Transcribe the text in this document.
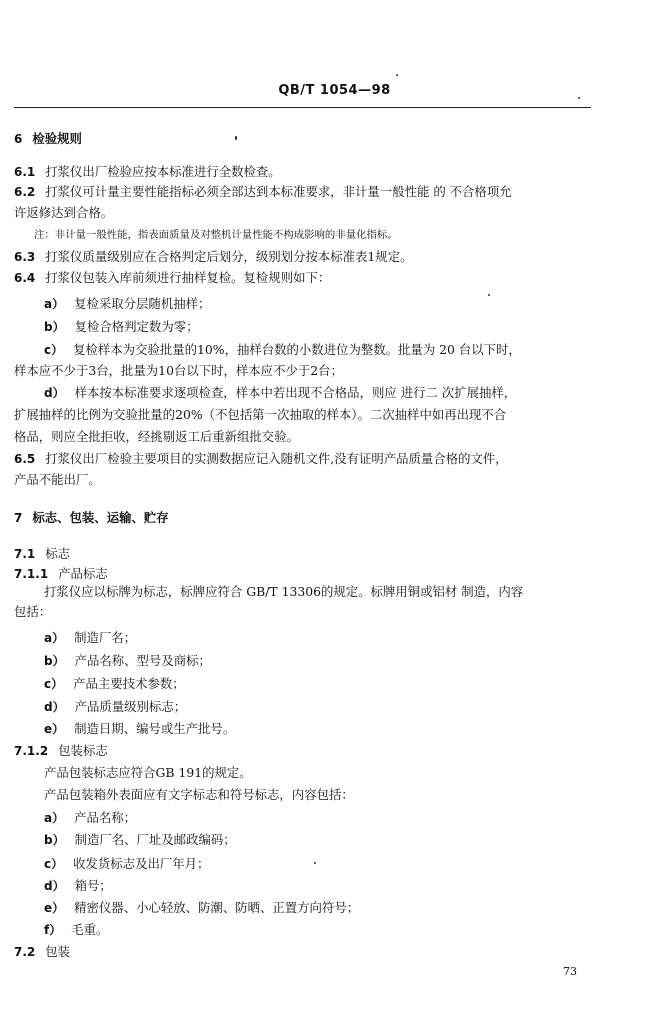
QB/T 1054—98
6 检验规则
6.1 打浆仪出厂检验应按本标准进行全数检查。
6.2 打浆仪可计量主要性能指标必须全部达到本标准要求，非计量一般性能 的 不合格项允
许返修达到合格。
注：非计量一般性能，指表面质量及对整机计量性能不构成影响的非量化指标。
6.3 打浆仪质量级别应在合格判定后划分，级别划分按本标准表1规定。
6.4 打浆仪包装入库前须进行抽样复检。复检规则如下：
a） 复检采取分层随机抽样；
b） 复检合格判定数为零；
c） 复检样本为交验批量的10%，抽样台数的小数进位为整数。批量为 20 台以下时，
样本应不少于3台，批量为10台以下时，样本应不少于2台；
d） 样本按本标准要求逐项检查，样本中若出现不合格品，则应 进行二 次扩展抽样，
扩展抽样的比例为交验批量的20%（不包括第一次抽取的样本）。二次抽样中如再出现不合
格品，则应全批拒收，经挑剔返工后重新组批交验。
6.5 打浆仪出厂检验主要项目的实测数据应记入随机文件,没有证明产品质量合格的文件，
产品不能出厂。
7 标志、包装、运输、贮存
7.1 标志
7.1.1 产品标志
打浆仪应以标牌为标志，标牌应符合 GB/T 13306的规定。标牌用铜或铝材 制造，内容
包括：
a） 制造厂名；
b） 产品名称、型号及商标；
c） 产品主要技术参数；
d） 产品质量级别标志；
e） 制造日期、编号或生产批号。
7.1.2 包装标志
产品包装标志应符合GB 191的规定。
产品包装箱外表面应有文字标志和符号标志，内容包括：
a） 产品名称；
b） 制造厂名、厂址及邮政编码；
c） 收发货标志及出厂年月；
d） 箱号；
e） 精密仪器、小心轻放、防潮、防晒、正置方向符号；
f） 毛重。
7.2 包装
73
